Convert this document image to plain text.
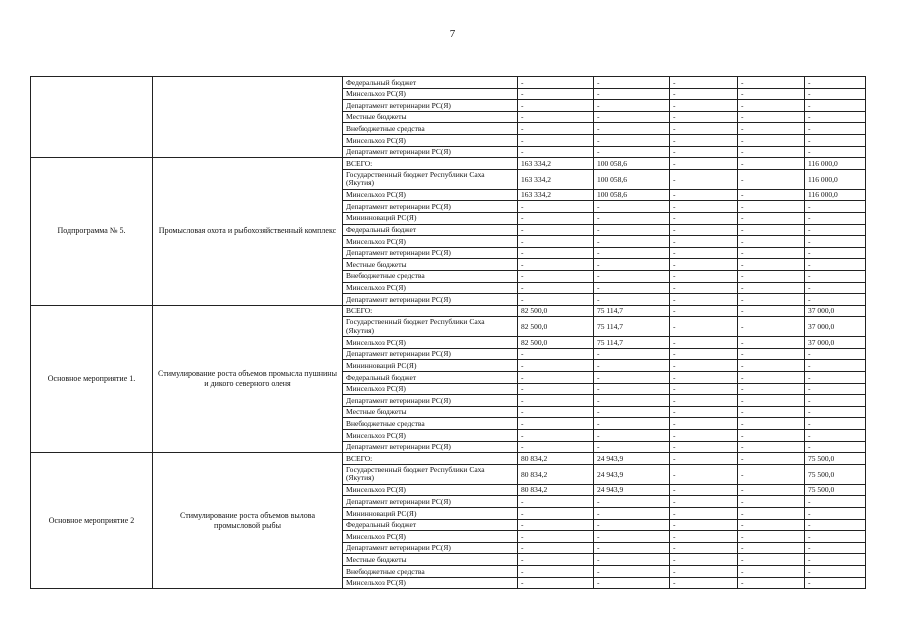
7
		Федеральный бюджет	-	-	-	-	-
		Минсельхоз РС(Я)	-	-	-	-	-
		Департамент ветеринарии РС(Я)	-	-	-	-	-
		Местные бюджеты	-	-	-	-	-
		Внебюджетные средства	-	-	-	-	-
		Минсельхоз РС(Я)	-	-	-	-	-
		Департамент ветеринарии РС(Я)	-	-	-	-	-
Подпрограмма № 5.	Промысловая охота и рыбохозяйственный комплекс	ВСЕГО:	163 334,2	100 058,6	-	-	116 000,0
		Государственный бюджет Республики Саха (Якутия)	163 334,2	100 058,6	-	-	116 000,0
		Минсельхоз РС(Я)	163 334,2	100 058,6	-	-	116 000,0
		Департамент ветеринарии РС(Я)	-	-	-	-	-
		Мининноваций РС(Я)	-	-	-	-	-
		Федеральный бюджет	-	-	-	-	-
		Минсельхоз РС(Я)	-	-	-	-	-
		Департамент ветеринарии РС(Я)	-	-	-	-	-
		Местные бюджеты	-	-	-	-	-
		Внебюджетные средства	-	-	-	-	-
		Минсельхоз РС(Я)	-	-	-	-	-
		Департамент ветеринарии РС(Я)	-	-	-	-	-
Основное мероприятие 1.	Стимулирование роста объемов промысла пушнины и дикого северного оленя	ВСЕГО:	82 500,0	75 114,7	-	-	37 000,0
		Государственный бюджет Республики Саха (Якутия)	82 500,0	75 114,7	-	-	37 000,0
		Минсельхоз РС(Я)	82 500,0	75 114,7	-	-	37 000,0
		Департамент ветеринарии РС(Я)	-	-	-	-	-
		Мининноваций РС(Я)	-	-	-	-	-
		Федеральный бюджет	-	-	-	-	-
		Минсельхоз РС(Я)	-	-	-	-	-
		Департамент ветеринарии РС(Я)	-	-	-	-	-
		Местные бюджеты	-	-	-	-	-
		Внебюджетные средства	-	-	-	-	-
		Минсельхоз РС(Я)	-	-	-	-	-
		Департамент ветеринарии РС(Я)	-	-	-	-	-
Основное мероприятие 2	Стимулирование роста объемов вылова промысловой рыбы	ВСЕГО:	80 834,2	24 943,9	-	-	75 500,0
		Государственный бюджет Республики Саха (Якутия)	80 834,2	24 943,9	-	-	75 500,0
		Минсельхоз РС(Я)	80 834,2	24 943,9	-	-	75 500,0
		Департамент ветеринарии РС(Я)	-	-	-	-	-
		Мининноваций РС(Я)	-	-	-	-	-
		Федеральный бюджет	-	-	-	-	-
		Минсельхоз РС(Я)	-	-	-	-	-
		Департамент ветеринарии РС(Я)	-	-	-	-	-
		Местные бюджеты	-	-	-	-	-
		Внебюджетные средства	-	-	-	-	-
		Минсельхоз РС(Я)	-	-	-	-	-
